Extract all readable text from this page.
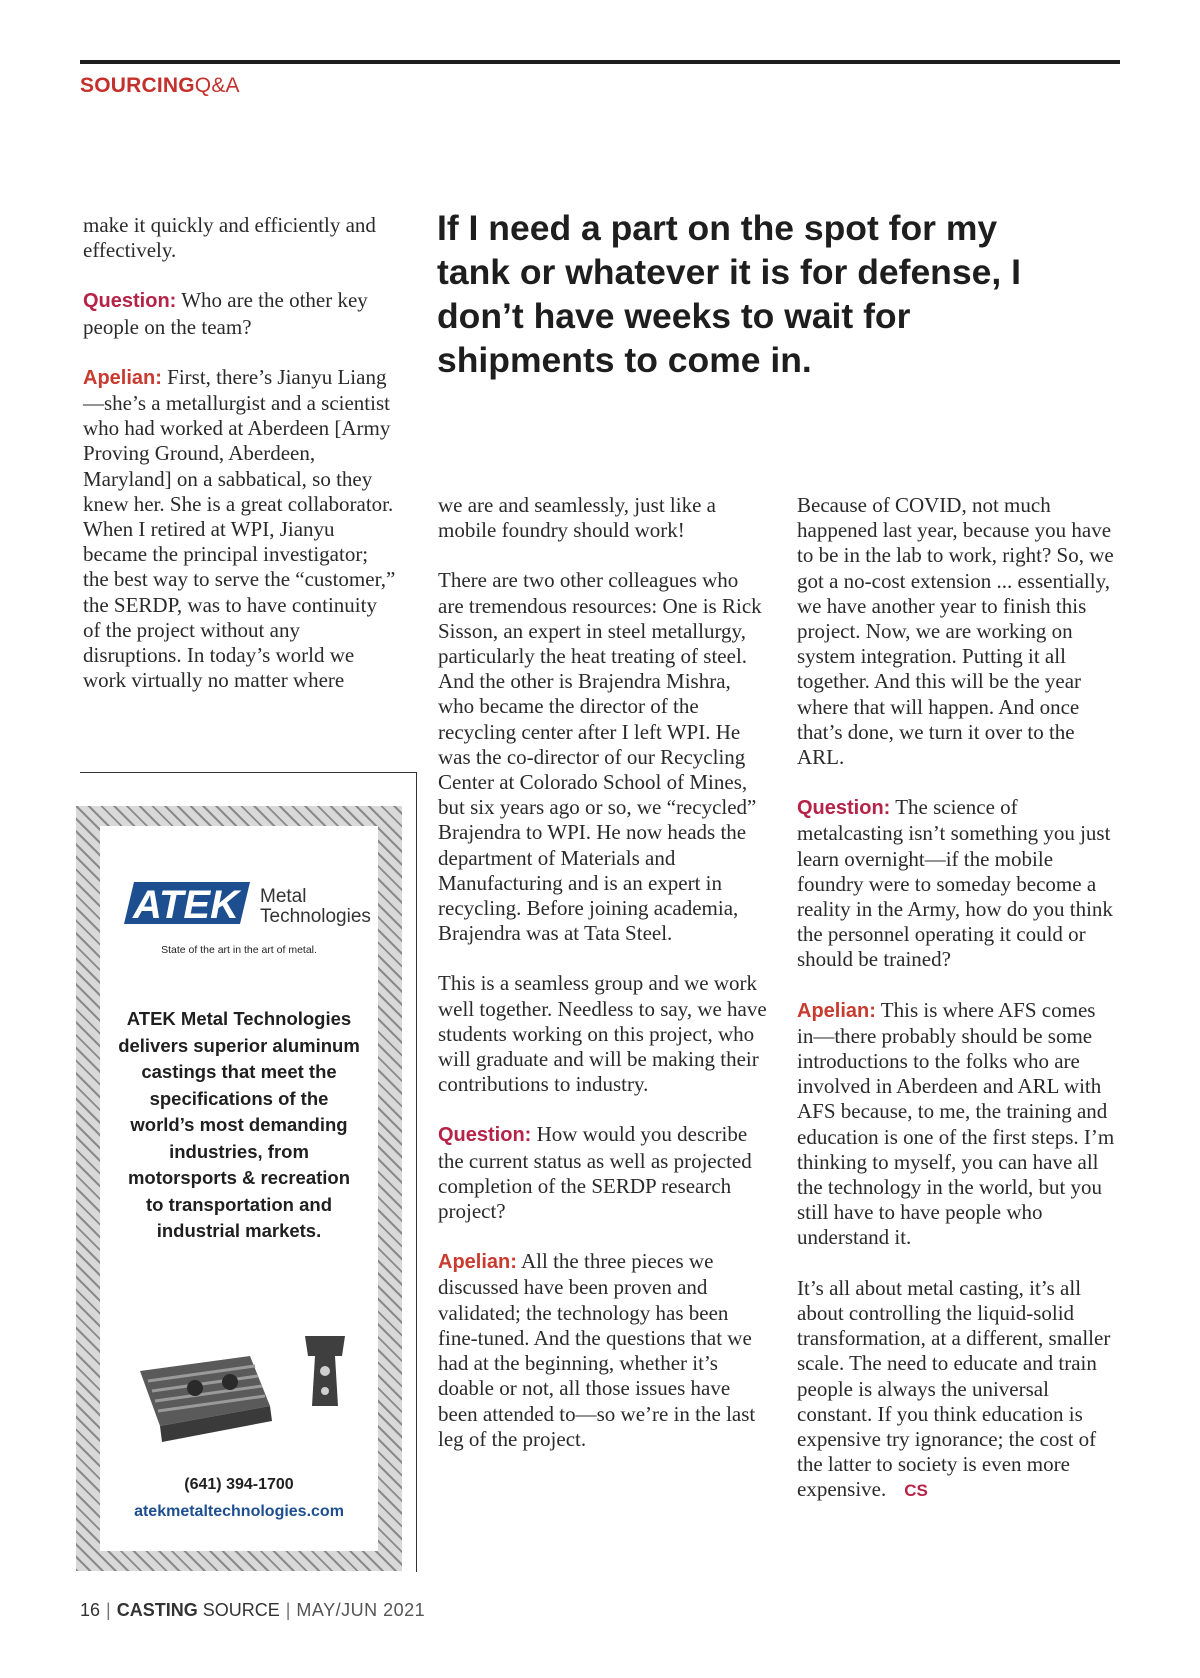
SOURCINGQ&A
If I need a part on the spot for my tank or whatever it is for defense, I don’t have weeks to wait for shipments to come in.

make it quickly and efficiently and effectively.

Question: Who are the other key people on the team?

Apelian: First, there’s Jianyu Liang—she’s a metallurgist and a scientist who had worked at Aberdeen [Army Proving Ground, Aberdeen, Maryland] on a sabbatical, so they knew her. She is a great collaborator. When I retired at WPI, Jianyu became the principal investigator; the best way to serve the “customer,” the SERDP, was to have continuity of the project without any disruptions. In today’s world we work virtually no matter where

we are and seamlessly, just like a mobile foundry should work!

There are two other colleagues who are tremendous resources: One is Rick Sisson, an expert in steel metallurgy, particularly the heat treating of steel. And the other is Brajendra Mishra, who became the director of the recycling center after I left WPI. He was the co-director of our Recycling Center at Colorado School of Mines, but six years ago or so, we “recycled” Brajendra to WPI. He now heads the department of Materials and Manufacturing and is an expert in recycling. Before joining academia, Brajendra was at Tata Steel.

This is a seamless group and we work well together. Needless to say, we have students working on this project, who will graduate and will be making their contributions to industry.

Question: How would you describe the current status as well as projected completion of the SERDP research project?

Apelian: All the three pieces we discussed have been proven and validated; the technology has been fine-tuned. And the questions that we had at the beginning, whether it’s doable or not, all those issues have been attended to—so we’re in the last leg of the project.

Because of COVID, not much happened last year, because you have to be in the lab to work, right? So, we got a no-cost extension ... essentially, we have another year to finish this project. Now, we are working on system integration. Putting it all together. And this will be the year where that will happen. And once that’s done, we turn it over to the ARL.

Question: The science of metalcasting isn’t something you just learn overnight—if the mobile foundry were to someday become a reality in the Army, how do you think the personnel operating it could or should be trained?

Apelian: This is where AFS comes in—there probably should be some introductions to the folks who are involved in Aberdeen and ARL with AFS because, to me, the training and education is one of the first steps. I’m thinking to myself, you can have all the technology in the world, but you still have to have people who understand it.

It’s all about metal casting, it’s all about controlling the liquid-solid transformation, at a different, smaller scale. The need to educate and train people is always the universal constant. If you think education is expensive try ignorance; the cost of the latter to society is even more expensive. CS

ATEK Metal
Technologies
State of the art in the art of metal.
ATEK Metal Technologies delivers superior aluminum castings that meet the specifications of the world’s most demanding industries, from motorsports & recreation to transportation and industrial markets.
(641) 394-1700
atekmetaltechnologies.com
16 | CASTING SOURCE | MAY/JUN 2021
